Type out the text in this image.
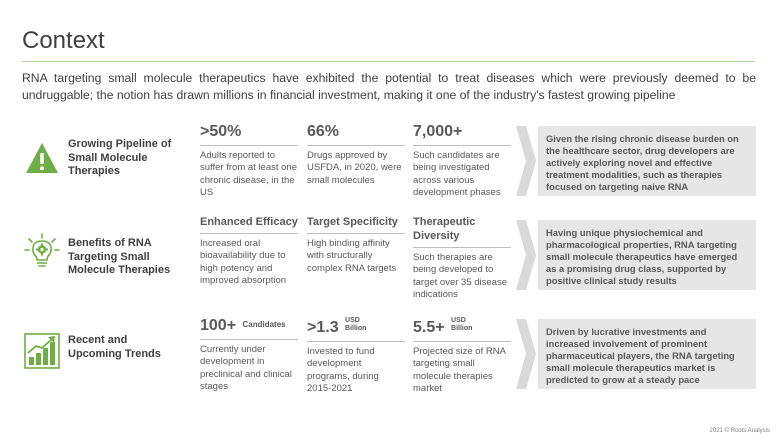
Context
RNA targeting small molecule therapeutics have exhibited the potential to treat diseases which were previously deemed to be undruggable; the notion has drawn millions in financial investment, making it one of the industry's fastest growing pipeline
Growing Pipeline of Small Molecule Therapies
>50%
Adults reported to suffer from at least one chronic disease, in the US
66%
Drugs approved by USFDA, in 2020, were small molecules
7,000+
Such candidates are being investigated across various development phases
Given the rising chronic disease burden on the healthcare sector, drug developers are actively exploring novel and effective treatment modalities, such as therapies focused on targeting naive RNA
Benefits of RNA Targeting Small Molecule Therapies
Enhanced Efficacy
Increased oral bioavailability due to high potency and improved absorption
Target Specificity
High binding affinity with structurally complex RNA targets
Therapeutic Diversity
Such therapies are being developed to target over 35 disease indications
Having unique physiochemical and pharmacological properties, RNA targeting small molecule therapeutics have emerged as a promising drug class, supported by positive clinical study results
Recent and Upcoming Trends
100+ Candidates
Currently under development in preclinical and clinical stages
>1.3 USD
Billion
Invested to fund development programs, during 2015-2021
5.5+ USD
Billion
Projected size of RNA targeting small molecule therapies market
Driven by lucrative investments and increased involvement of prominent pharmaceutical players, the RNA targeting small molecule therapeutics market is predicted to grow at a steady pace
2021 © Roots Analysis
